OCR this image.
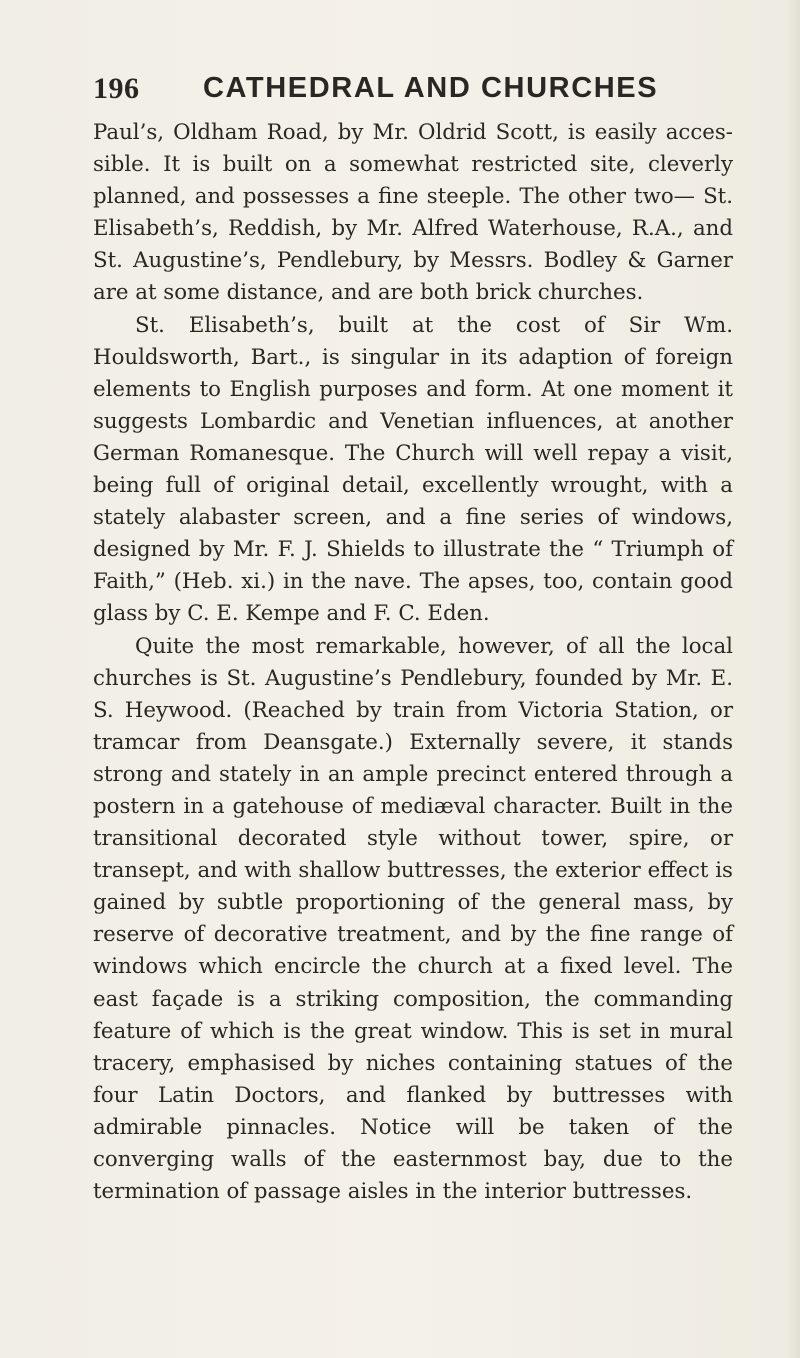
196 CATHEDRAL AND CHURCHES

Paul’s, Oldham Road, by Mr. Oldrid Scott, is easily acces- sible. It is built on a somewhat restricted site, cleverly planned, and possesses a fine steeple. The other two— St. Elisabeth’s, Reddish, by Mr. Alfred Waterhouse, R.A., and St. Augustine’s, Pendlebury, by Messrs. Bodley & Garner are at some distance, and are both brick churches.

St. Elisabeth’s, built at the cost of Sir Wm. Houldsworth, Bart., is singular in its adaption of foreign elements to English purposes and form. At one moment it suggests Lombardic and Venetian influences, at another German Romanesque. The Church will well repay a visit, being full of original detail, excellently wrought, with a stately alabaster screen, and a fine series of windows, designed by Mr. F. J. Shields to illustrate the “ Triumph of Faith,” (Heb. xi.) in the nave. The apses, too, contain good glass by C. E. Kempe and F. C. Eden.

Quite the most remarkable, however, of all the local churches is St. Augustine’s Pendlebury, founded by Mr. E. S. Heywood. (Reached by train from Victoria Station, or tramcar from Deansgate.) Externally severe, it stands strong and stately in an ample precinct entered through a postern in a gatehouse of mediæval character. Built in the transitional decorated style without tower, spire, or transept, and with shallow buttresses, the exterior effect is gained by subtle proportioning of the general mass, by reserve of decorative treatment, and by the fine range of windows which encircle the church at a fixed level. The east façade is a striking composition, the commanding feature of which is the great window. This is set in mural tracery, emphasised by niches containing statues of the four Latin Doctors, and flanked by buttresses with admirable pinnacles. Notice will be taken of the converging walls of the easternmost bay, due to the termination of passage aisles in the interior buttresses.
